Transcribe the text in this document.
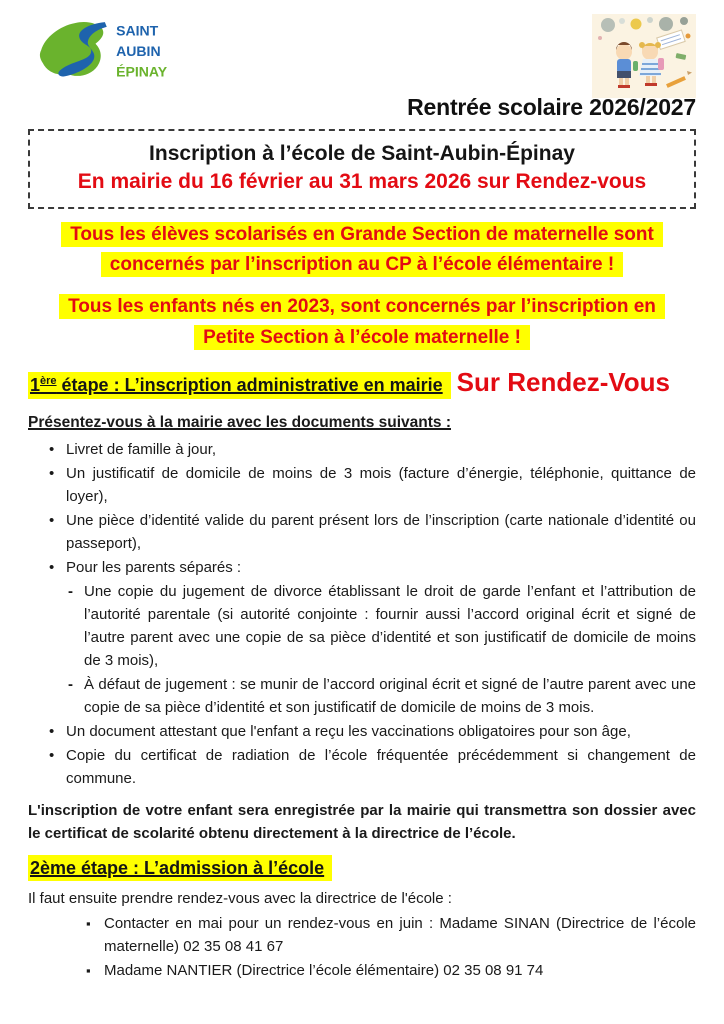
SAINT
AUBIN
ÉPINAY
Rentrée scolaire 2026/2027
Inscription à l’école de Saint-Aubin-Épinay
En mairie du 16 février au 31 mars 2026 sur Rendez-vous
Tous les élèves scolarisés en Grande Section de maternelle sont concernés par l’inscription au CP à l’école élémentaire !
Tous les enfants nés en 2023, sont concernés par l’inscription en Petite Section à l’école maternelle !
1ère étape : L’inscription administrative en mairie Sur Rendez-Vous

Présentez-vous à la mairie avec les documents suivants :

• Livret de famille à jour,
• Un justificatif de domicile de moins de 3 mois (facture d’énergie, téléphonie, quittance de loyer),
• Une pièce d’identité valide du parent présent lors de l’inscription (carte nationale d’identité ou passeport),
• Pour les parents séparés :
- Une copie du jugement de divorce établissant le droit de garde l’enfant et l’attribution de l’autorité parentale (si autorité conjointe : fournir aussi l’accord original écrit et signé de l’autre parent avec une copie de sa pièce d’identité et son justificatif de domicile de moins de 3 mois),
- À défaut de jugement : se munir de l’accord original écrit et signé de l’autre parent avec une copie de sa pièce d’identité et son justificatif de domicile de moins de 3 mois.
• Un document attestant que l'enfant a reçu les vaccinations obligatoires pour son âge,
• Copie du certificat de radiation de l’école fréquentée précédemment si changement de commune.

L'inscription de votre enfant sera enregistrée par la mairie qui transmettra son dossier avec le certificat de scolarité obtenu directement à la directrice de l’école.

2ème étape : L’admission à l’école

Il faut ensuite prendre rendez-vous avec la directrice de l'école :

▪ Contacter en mai pour un rendez-vous en juin : Madame SINAN (Directrice de l’école maternelle) 02 35 08 41 67
▪ Madame NANTIER (Directrice l’école élémentaire) 02 35 08 91 74
